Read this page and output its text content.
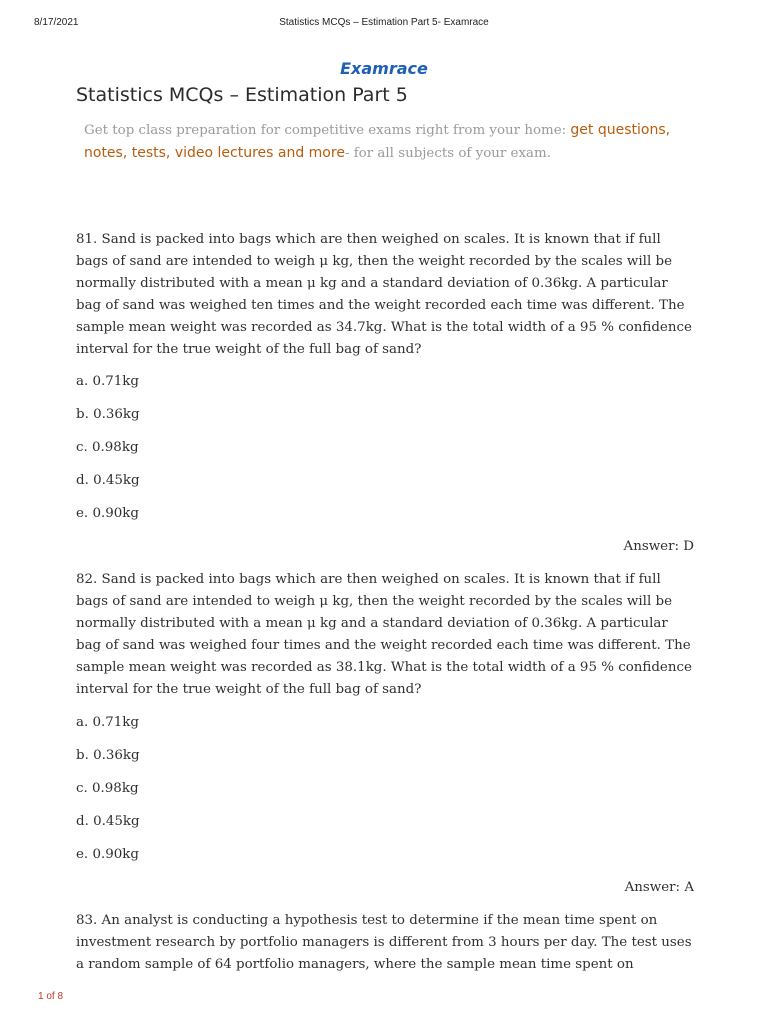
8/17/2021	Statistics MCQs – Estimation Part 5- Examrace
Examrace
Statistics MCQs – Estimation Part 5
Get top class preparation for competitive exams right from your home: get questions, notes, tests, video lectures and more- for all subjects of your exam.

81. Sand is packed into bags which are then weighed on scales. It is known that if full bags of sand are intended to weigh μ kg, then the weight recorded by the scales will be normally distributed with a mean μ kg and a standard deviation of 0.36kg. A particular bag of sand was weighed ten times and the weight recorded each time was different. The sample mean weight was recorded as 34.7kg. What is the total width of a 95 % confidence interval for the true weight of the full bag of sand?

a. 0.71kg

b. 0.36kg

c. 0.98kg

d. 0.45kg

e. 0.90kg

Answer: D

82. Sand is packed into bags which are then weighed on scales. It is known that if full bags of sand are intended to weigh μ kg, then the weight recorded by the scales will be normally distributed with a mean μ kg and a standard deviation of 0.36kg. A particular bag of sand was weighed four times and the weight recorded each time was different. The sample mean weight was recorded as 38.1kg. What is the total width of a 95 % confidence interval for the true weight of the full bag of sand?

a. 0.71kg

b. 0.36kg

c. 0.98kg

d. 0.45kg

e. 0.90kg

Answer: A

83. An analyst is conducting a hypothesis test to determine if the mean time spent on investment research by portfolio managers is different from 3 hours per day. The test uses a random sample of 64 portfolio managers, where the sample mean time spent on

1 of 8
